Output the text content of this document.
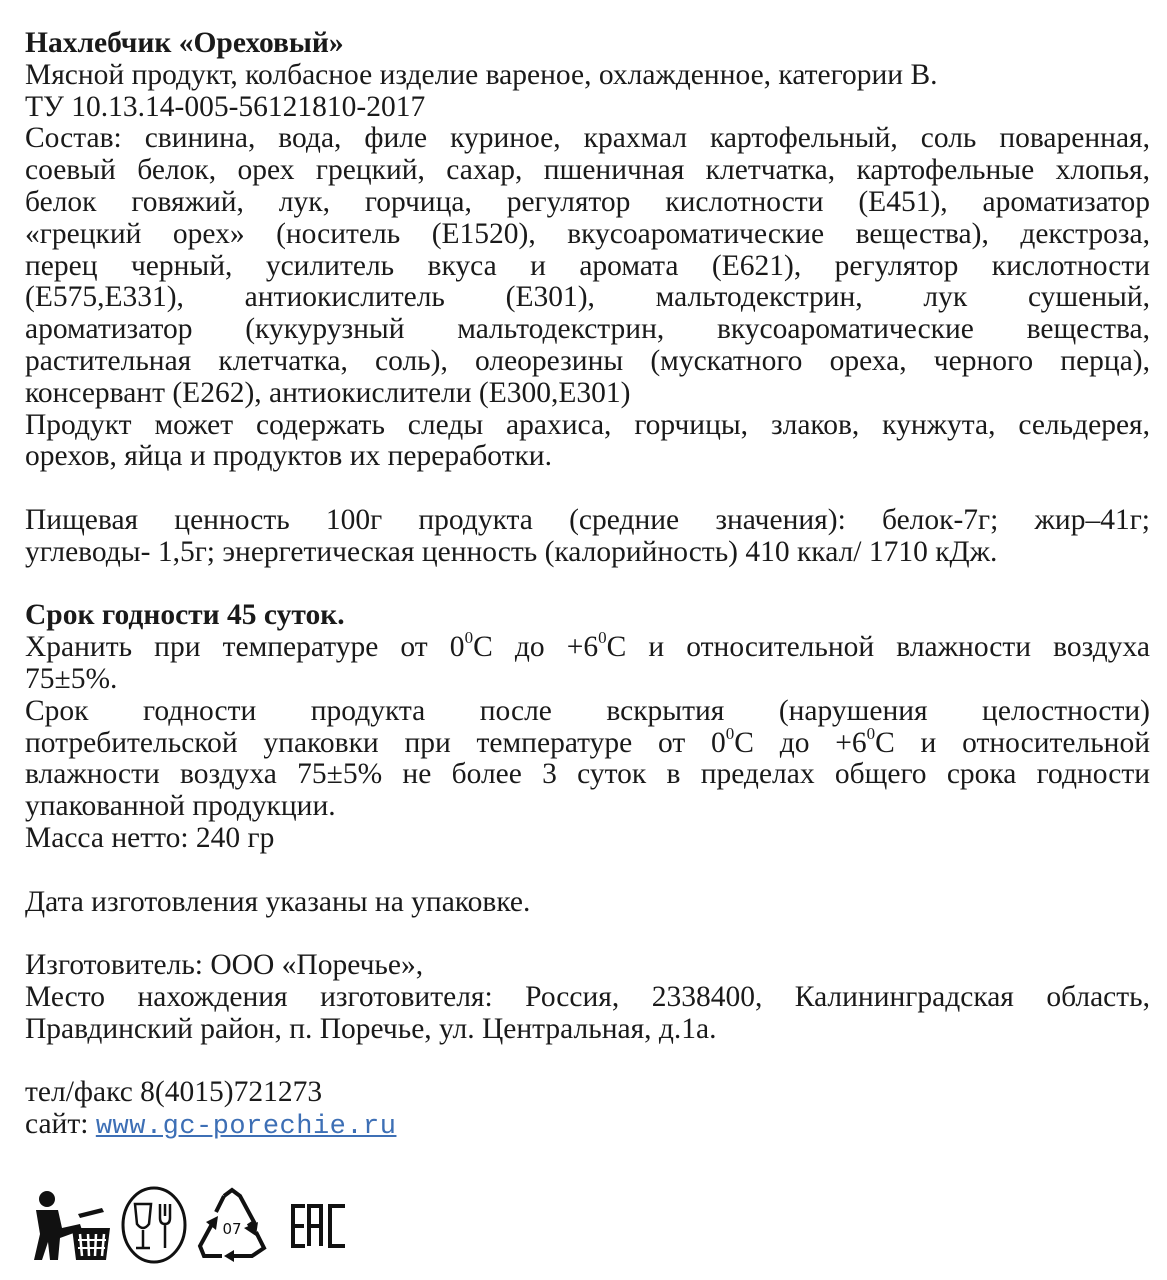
Нахлебчик «Ореховый»
Мясной продукт, колбасное изделие вареное, охлажденное, категории В.
ТУ 10.13.14-005-56121810-2017
Состав: свинина, вода, филе куриное, крахмал картофельный, соль поваренная,
соевый белок, орех грецкий, сахар, пшеничная клетчатка, картофельные хлопья,
белок говяжий, лук, горчица, регулятор кислотности (Е451), ароматизатор
«грецкий орех» (носитель (Е1520), вкусоароматические вещества), декстроза,
перец черный, усилитель вкуса и аромата (Е621), регулятор кислотности
(Е575,Е331), антиокислитель (Е301), мальтодекстрин, лук сушеный,
ароматизатор (кукурузный мальтодекстрин, вкусоароматические вещества,
растительная клетчатка, соль), олеорезины (мускатного ореха, черного перца),
консервант (Е262), антиокислители (Е300,Е301)
Продукт может содержать следы арахиса, горчицы, злаков, кунжута, сельдерея,
орехов, яйца и продуктов их переработки.
Пищевая ценность 100г продукта (средние значения): белок-7г; жир–41г;
углеводы- 1,5г; энергетическая ценность (калорийность) 410 ккал/ 1710 кДж.
Срок годности 45 суток.
Хранить при температуре от $0^0С$ до $+6^0С$ и относительной влажности воздуха
75±5%.
Срок годности продукта после вскрытия (нарушения целостности)
потребительской упаковки при температуре от $0^0С$ до $+6^0С$ и относительной
влажности воздуха 75±5% не более 3 суток в пределах общего срока годности
упакованной продукции.
Масса нетто: 240 гр
Дата изготовления указаны на упаковке.
Изготовитель: ООО «Поречье»,
Место нахождения изготовителя: Россия, 2338400, Калининградская область,
Правдинский район, п. Поречье, ул. Центральная, д.1а.
тел/факс 8(4015)721273
сайт: www.gc-porechie.ru
07
